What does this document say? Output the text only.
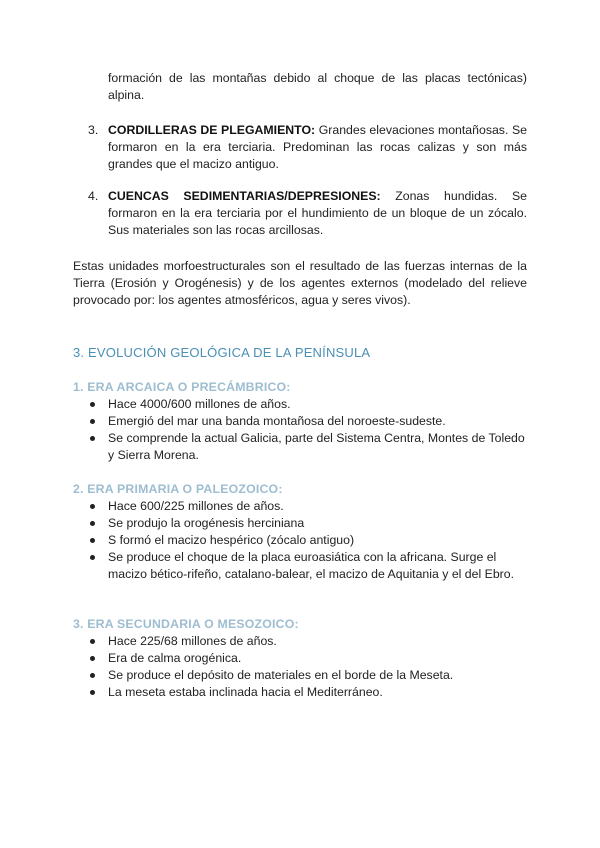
formación de las montañas debido al choque de las placas tectónicas) alpina.

3. CORDILLERAS DE PLEGAMIENTO: Grandes elevaciones montañosas. Se formaron en la era terciaria. Predominan las rocas calizas y son más grandes que el macizo antiguo.
4. CUENCAS SEDIMENTARIAS/DEPRESIONES: Zonas hundidas. Se formaron en la era terciaria por el hundimiento de un bloque de un zócalo. Sus materiales son las rocas arcillosas.

Estas unidades morfoestructurales son el resultado de las fuerzas internas de la Tierra (Erosión y Orogénesis) y de los agentes externos (modelado del relieve provocado por: los agentes atmosféricos, agua y seres vivos).

3. EVOLUCIÓN GEOLÓGICA DE LA PENÍNSULA
1. ERA ARCAICA O PRECÁMBRICO:
Hace 4000/600 millones de años.
Emergió del mar una banda montañosa del noroeste-sudeste.
Se comprende la actual Galicia, parte del Sistema Centra, Montes de Toledo y Sierra Morena.
2. ERA PRIMARIA O PALEOZOICO:
Hace 600/225 millones de años.
Se produjo la orogénesis herciniana
S formó el macizo hespérico (zócalo antiguo)
Se produce el choque de la placa euroasiática con la africana. Surge el macizo bético-rifeño, catalano-balear, el macizo de Aquitania y el del Ebro.
3. ERA SECUNDARIA O MESOZOICO:
Hace 225/68 millones de años.
Era de calma orogénica.
Se produce el depósito de materiales en el borde de la Meseta.
La meseta estaba inclinada hacia el Mediterráneo.
